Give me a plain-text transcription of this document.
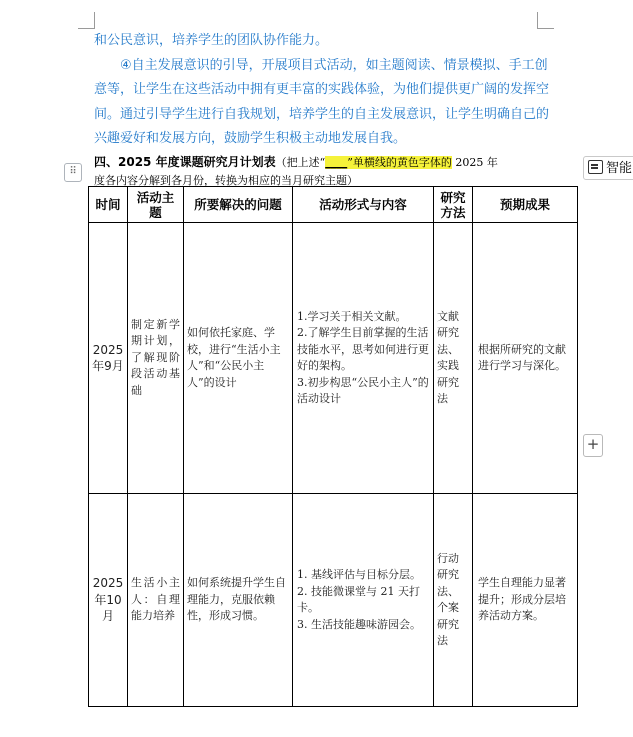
和公民意识，培养学生的团队协作能力。

④自主发展意识的引导，开展项目式活动，如主题阅读、情景模拟、手工创意等，让学生在这些活动中拥有更丰富的实践体验，为他们提供更广阔的发挥空间。通过引导学生进行自我规划，培养学生的自主发展意识，让学生明确自己的兴趣爱好和发展方向，鼓励学生积极主动地发展自我。

四、2025 年度课题研究月计划表（把上述“____”单横线的黄色字体的 2025 年
度各内容分解到各月份，转换为相应的当月研究主题）
⠿	智能
+
时间	活动主题	所要解决的问题	活动形式与内容	研究方法	预期成果
2025年9月	制定新学期计划，了解现阶段活动基础	如何依托家庭、学校，进行“生活小主人”和“公民小主人”的设计	1.学习关于相关文献。
2.了解学生目前掌握的生活技能水平，思考如何进行更好的架构。
3.初步构思“公民小主人”的活动设计	文献研究法、实践研究法	根据所研究的文献进行学习与深化。
2025年10月	生活小主人：自理能力培养	如何系统提升学生自理能力，克服依赖性，形成习惯。	1. 基线评估与目标分层。
2. 技能微课堂与 21 天打卡。
3. 生活技能趣味游园会。	行动研究法、个案研究法	学生自理能力显著提升；形成分层培养活动方案。
